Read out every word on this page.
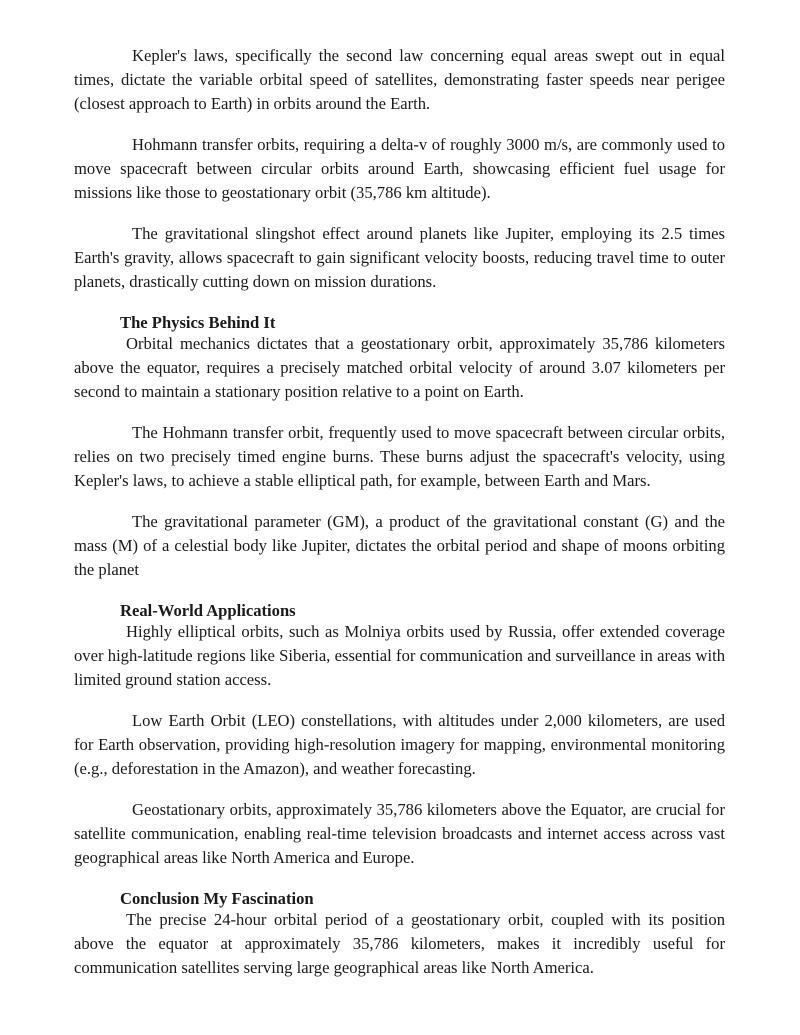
Kepler's laws, specifically the second law concerning equal areas swept out in equal times, dictate the variable orbital speed of satellites, demonstrating faster speeds near perigee (closest approach to Earth) in orbits around the Earth.

Hohmann transfer orbits, requiring a delta-v of roughly 3000 m/s, are commonly used to move spacecraft between circular orbits around Earth, showcasing efficient fuel usage for missions like those to geostationary orbit (35,786 km altitude).

The gravitational slingshot effect around planets like Jupiter, employing its 2.5 times Earth's gravity, allows spacecraft to gain significant velocity boosts, reducing travel time to outer planets, drastically cutting down on mission durations.

The Physics Behind It

Orbital mechanics dictates that a geostationary orbit, approximately 35,786 kilometers above the equator, requires a precisely matched orbital velocity of around 3.07 kilometers per second to maintain a stationary position relative to a point on Earth.

The Hohmann transfer orbit, frequently used to move spacecraft between circular orbits, relies on two precisely timed engine burns. These burns adjust the spacecraft's velocity, using Kepler's laws, to achieve a stable elliptical path, for example, between Earth and Mars.

The gravitational parameter (GM), a product of the gravitational constant (G) and the mass (M) of a celestial body like Jupiter, dictates the orbital period and shape of moons orbiting the planet

Real-World Applications

Highly elliptical orbits, such as Molniya orbits used by Russia, offer extended coverage over high-latitude regions like Siberia, essential for communication and surveillance in areas with limited ground station access.

Low Earth Orbit (LEO) constellations, with altitudes under 2,000 kilometers, are used for Earth observation, providing high-resolution imagery for mapping, environmental monitoring (e.g., deforestation in the Amazon), and weather forecasting.

Geostationary orbits, approximately 35,786 kilometers above the Equator, are crucial for satellite communication, enabling real-time television broadcasts and internet access across vast geographical areas like North America and Europe.

Conclusion My Fascination

The precise 24-hour orbital period of a geostationary orbit, coupled with its position above the equator at approximately 35,786 kilometers, makes it incredibly useful for communication satellites serving large geographical areas like North America.
